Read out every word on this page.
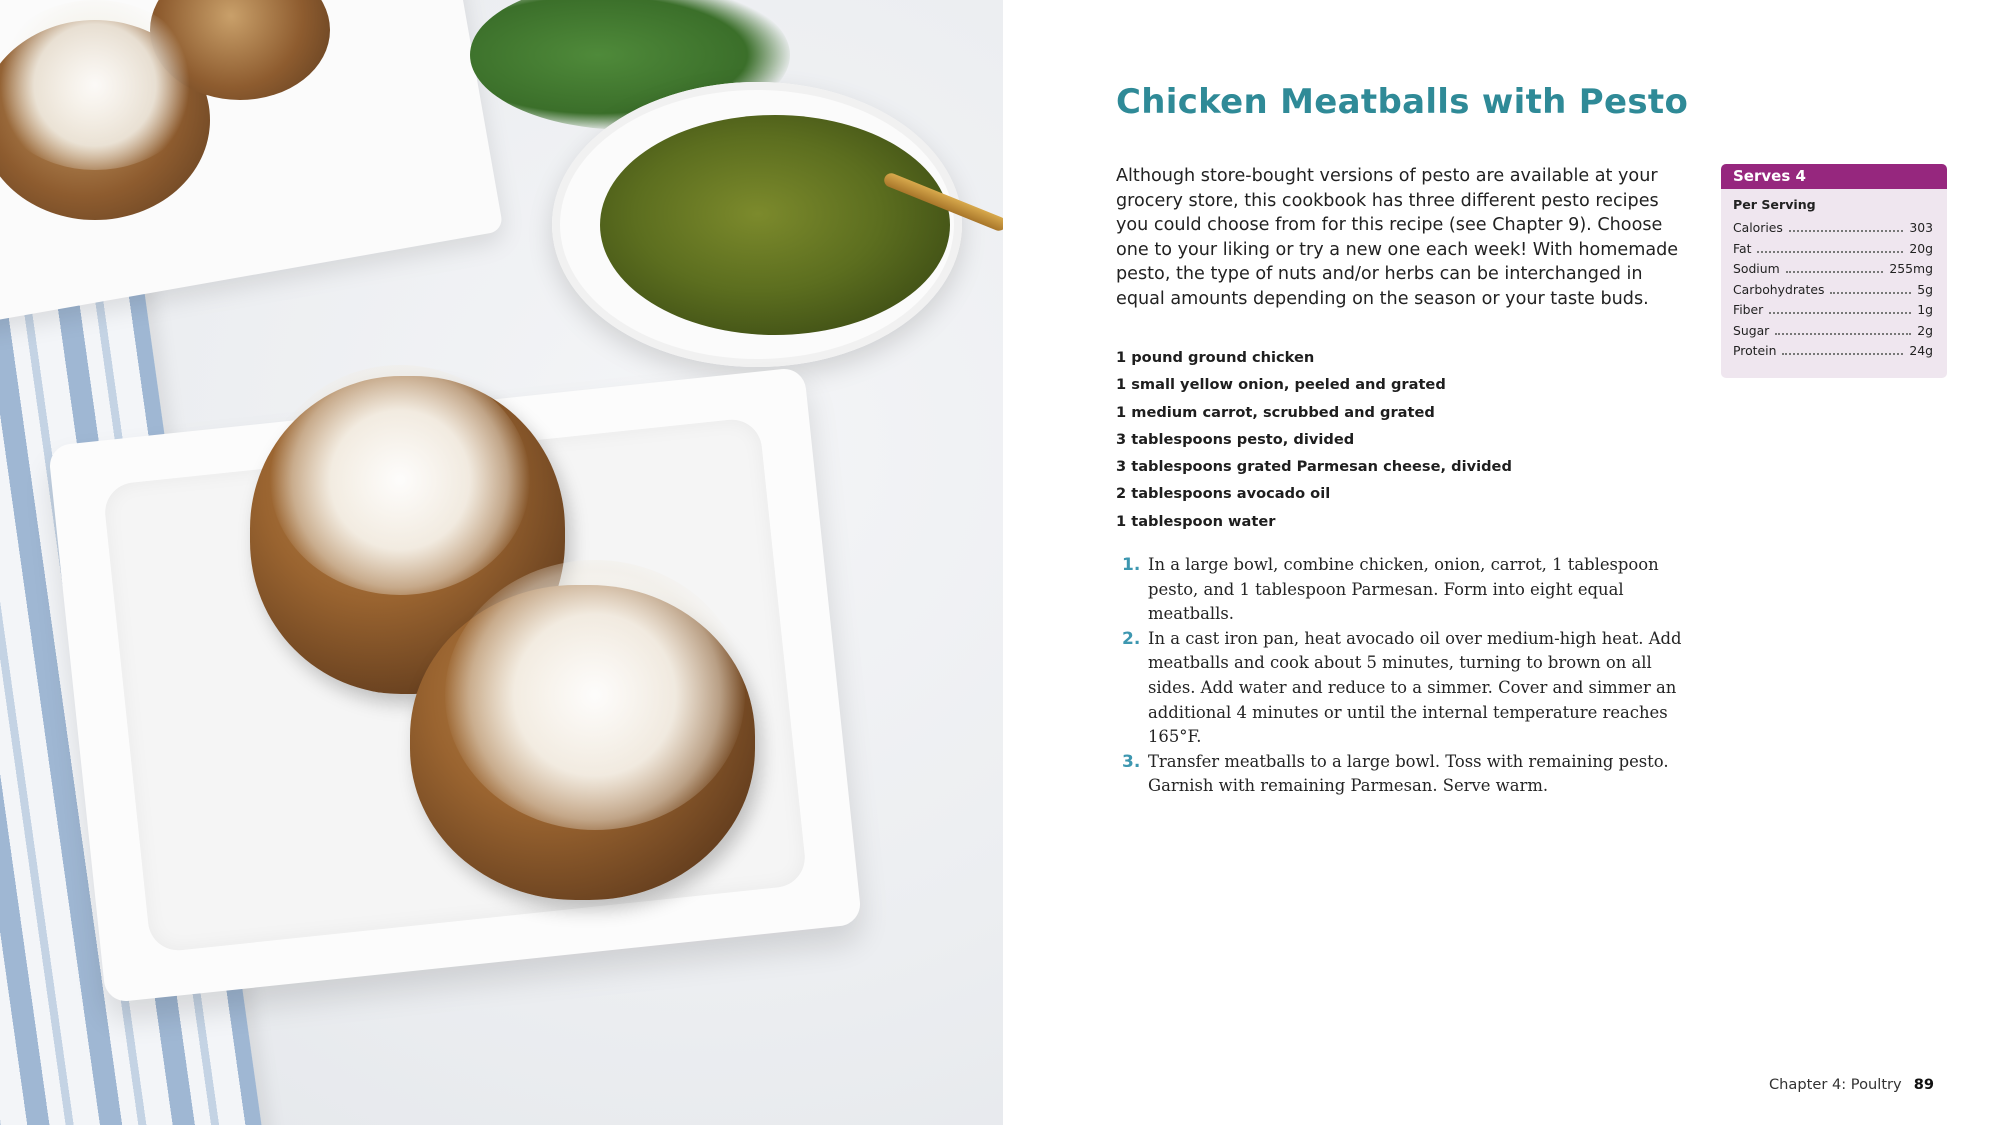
Chicken Meatballs with Pesto

Although store-bought versions of pesto are available at your grocery store, this cookbook has three different pesto recipes you could choose from for this recipe (see Chapter 9). Choose one to your liking or try a new one each week! With homemade pesto, the type of nuts and/or herbs can be interchanged in equal amounts depending on the season or your taste buds.

1 pound ground chicken
1 small yellow onion, peeled and grated
1 medium carrot, scrubbed and grated
3 tablespoons pesto, divided
3 tablespoons grated Parmesan cheese, divided
2 tablespoons avocado oil
1 tablespoon water
1. In a large bowl, combine chicken, onion, carrot, 1 tablespoon pesto, and 1 tablespoon Parmesan. Form into eight equal meatballs.
2. In a cast iron pan, heat avocado oil over medium-high heat. Add meatballs and cook about 5 minutes, turning to brown on all sides. Add water and reduce to a simmer. Cover and simmer an additional 4 minutes or until the internal temperature reaches 165°F.
3. Transfer meatballs to a large bowl. Toss with remaining pesto. Garnish with remaining Parmesan. Serve warm.
Serves 4
Per Serving
Calories	303
Fat	20g
Sodium	255mg
Carbohydrates	5g
Fiber	1g
Sugar	2g
Protein	24g
Chapter 4: Poultry 89
